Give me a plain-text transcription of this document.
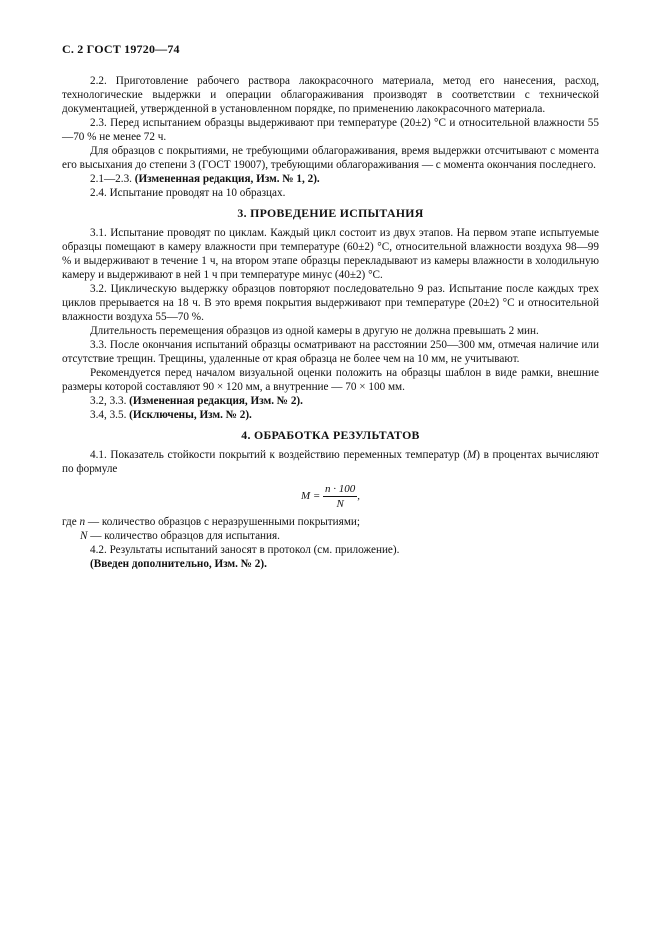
С. 2 ГОСТ 19720—74

2.2. Приготовление рабочего раствора лакокрасочного материала, метод его нанесения, расход, технологические выдержки и операции облагораживания производят в соответствии с технической документацией, утвержденной в установленном порядке, по применению лакокрасочного материала.

2.3. Перед испытанием образцы выдерживают при температуре (20±2) °С и относительной влажности 55—70 % не менее 72 ч.

Для образцов с покрытиями, не требующими облагораживания, время выдержки отсчитывают с момента его высыхания до степени 3 (ГОСТ 19007), требующими облагораживания — с момента окончания последнего.

2.1—2.3. (Измененная редакция, Изм. № 1, 2).

2.4. Испытание проводят на 10 образцах.

3. ПРОВЕДЕНИЕ ИСПЫТАНИЯ

3.1. Испытание проводят по циклам. Каждый цикл состоит из двух этапов. На первом этапе испытуемые образцы помещают в камеру влажности при температуре (60±2) °С, относительной влажности воздуха 98—99 % и выдерживают в течение 1 ч, на втором этапе образцы перекладывают из камеры влажности в холодильную камеру и выдерживают в ней 1 ч при температуре минус (40±2) °С.

3.2. Циклическую выдержку образцов повторяют последовательно 9 раз. Испытание после каждых трех циклов прерывается на 18 ч. В это время покрытия выдерживают при температуре (20±2) °С и относительной влажности воздуха 55—70 %.

Длительность перемещения образцов из одной камеры в другую не должна превышать 2 мин.

3.3. После окончания испытаний образцы осматривают на расстоянии 250—300 мм, отмечая наличие или отсутствие трещин. Трещины, удаленные от края образца не более чем на 10 мм, не учитывают.

Рекомендуется перед началом визуальной оценки положить на образцы шаблон в виде рамки, внешние размеры которой составляют 90 × 120 мм, а внутренние — 70 × 100 мм.

3.2, 3.3. (Измененная редакция, Изм. № 2).

3.4, 3.5. (Исключены, Изм. № 2).

4. ОБРАБОТКА РЕЗУЛЬТАТОВ

4.1. Показатель стойкости покрытий к воздействию переменных температур (M) в процентах вычисляют по формуле

$M = \frac{n \cdot 100}{N}$ ,

где n — количество образцов с неразрушенными покрытиями;

N — количество образцов для испытания.

4.2. Результаты испытаний заносят в протокол (см. приложение).

(Введен дополнительно, Изм. № 2).
